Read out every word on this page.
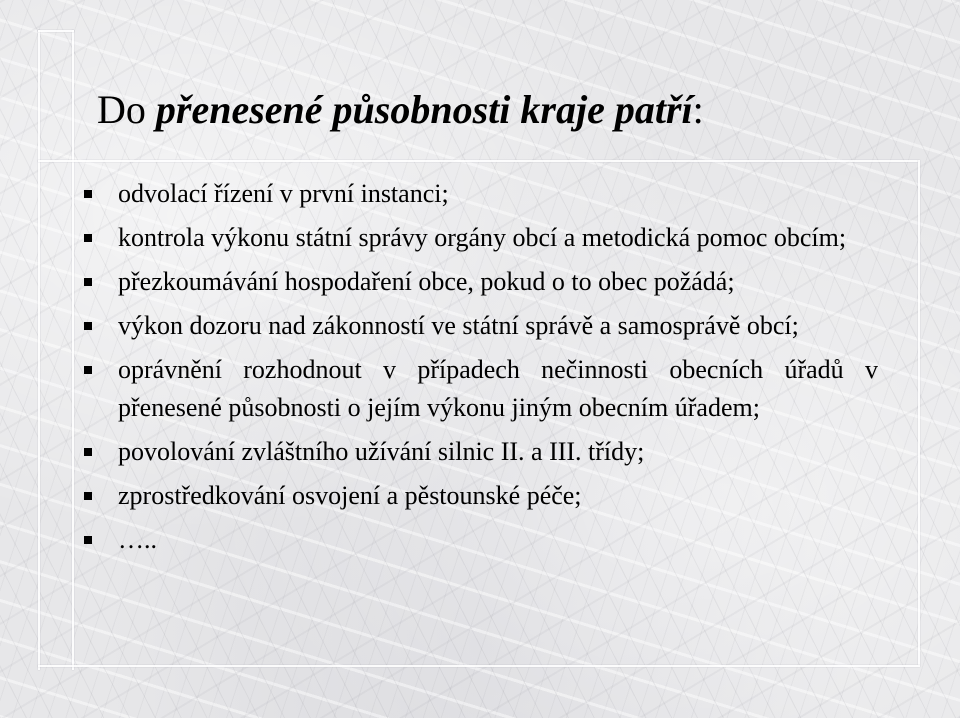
Do přenesené působnosti kraje patří:
odvolací řízení v první instanci;
kontrola výkonu státní správy orgány obcí a metodická pomoc obcím;
přezkoumávání hospodaření obce, pokud o to obec požádá;
výkon dozoru nad zákonností ve státní správě a samosprávě obcí;
oprávnění rozhodnout v případech nečinnosti obecních úřadů v přenesené působnosti o jejím výkonu jiným obecním úřadem;
povolování zvláštního užívání silnic II. a III. třídy;
zprostředkování osvojení a pěstounské péče;
…..
